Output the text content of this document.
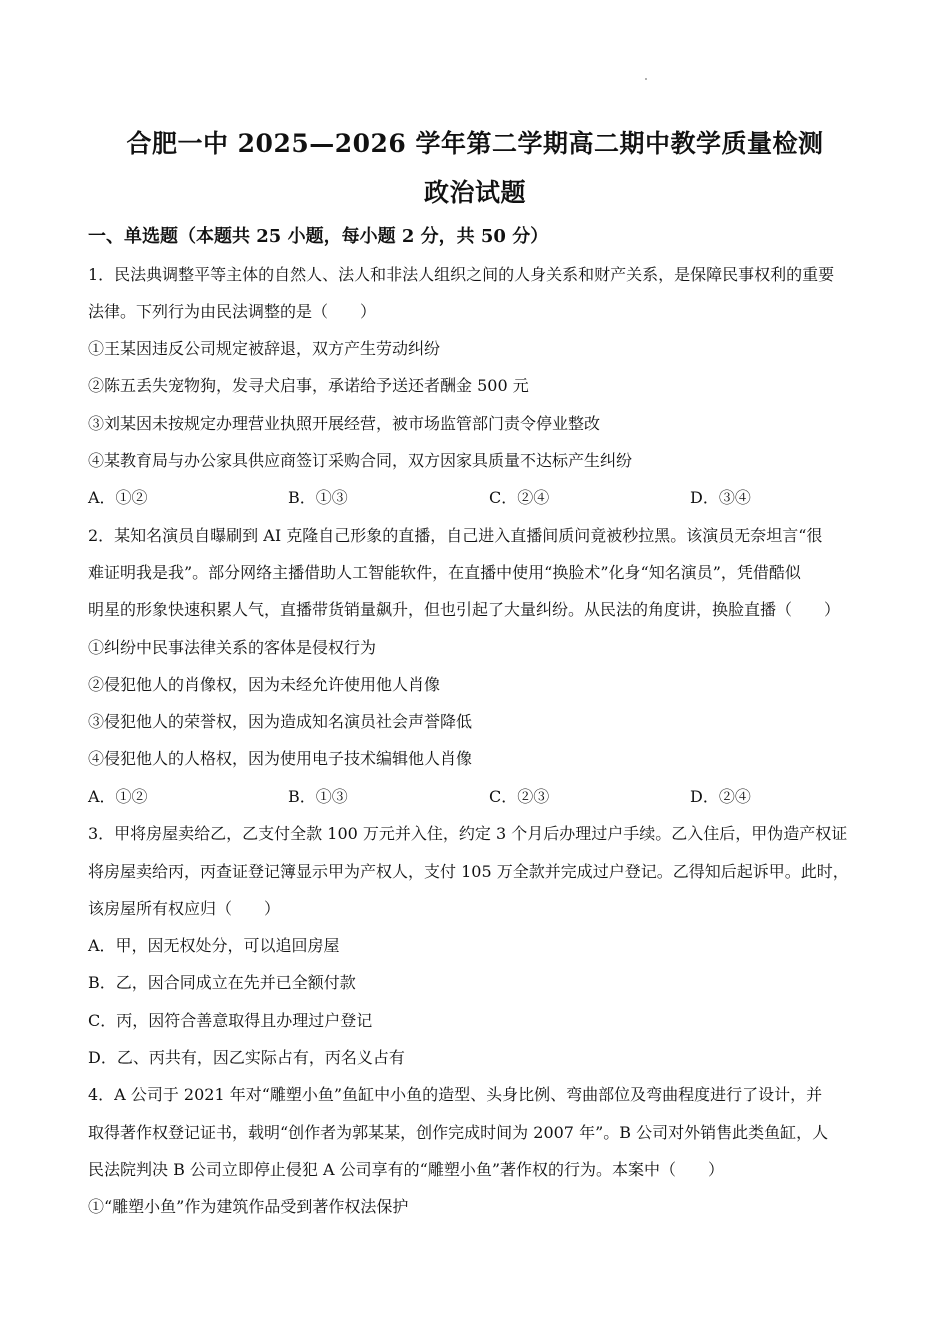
合肥一中 2025—2026 学年第二学期高二期中教学质量检测
政治试题
一、单选题（本题共 25 小题，每小题 2 分，共 50 分）
1．民法典调整平等主体的自然人、法人和非法人组织之间的人身关系和财产关系，是保障民事权利的重要
法律。下列行为由民法调整的是（　　）
①王某因违反公司规定被辞退，双方产生劳动纠纷
②陈五丢失宠物狗，发寻犬启事，承诺给予送还者酬金 500 元
③刘某因未按规定办理营业执照开展经营，被市场监管部门责令停业整改
④某教育局与办公家具供应商签订采购合同，双方因家具质量不达标产生纠纷
A．①②	B．①③	C．②④	D．③④
2．某知名演员自曝刷到 AI 克隆自己形象的直播，自己进入直播间质问竟被秒拉黑。该演员无奈坦言“很
难证明我是我”。部分网络主播借助人工智能软件，在直播中使用“换脸术”化身“知名演员”，凭借酷似
明星的形象快速积累人气，直播带货销量飙升，但也引起了大量纠纷。从民法的角度讲，换脸直播（　　）
①纠纷中民事法律关系的客体是侵权行为
②侵犯他人的肖像权，因为未经允许使用他人肖像
③侵犯他人的荣誉权，因为造成知名演员社会声誉降低
④侵犯他人的人格权，因为使用电子技术编辑他人肖像
A．①②	B．①③	C．②③	D．②④
3．甲将房屋卖给乙，乙支付全款 100 万元并入住，约定 3 个月后办理过户手续。乙入住后，甲伪造产权证
将房屋卖给丙，丙查证登记簿显示甲为产权人，支付 105 万全款并完成过户登记。乙得知后起诉甲。此时，
该房屋所有权应归（　　）
A．甲，因无权处分，可以追回房屋
B．乙，因合同成立在先并已全额付款
C．丙，因符合善意取得且办理过户登记
D．乙、丙共有，因乙实际占有，丙名义占有
4．A 公司于 2021 年对“雕塑小鱼”鱼缸中小鱼的造型、头身比例、弯曲部位及弯曲程度进行了设计，并
取得著作权登记证书，载明“创作者为郭某某，创作完成时间为 2007 年”。B 公司对外销售此类鱼缸，人
民法院判决 B 公司立即停止侵犯 A 公司享有的“雕塑小鱼”著作权的行为。本案中（　　）
①“雕塑小鱼”作为建筑作品受到著作权法保护
